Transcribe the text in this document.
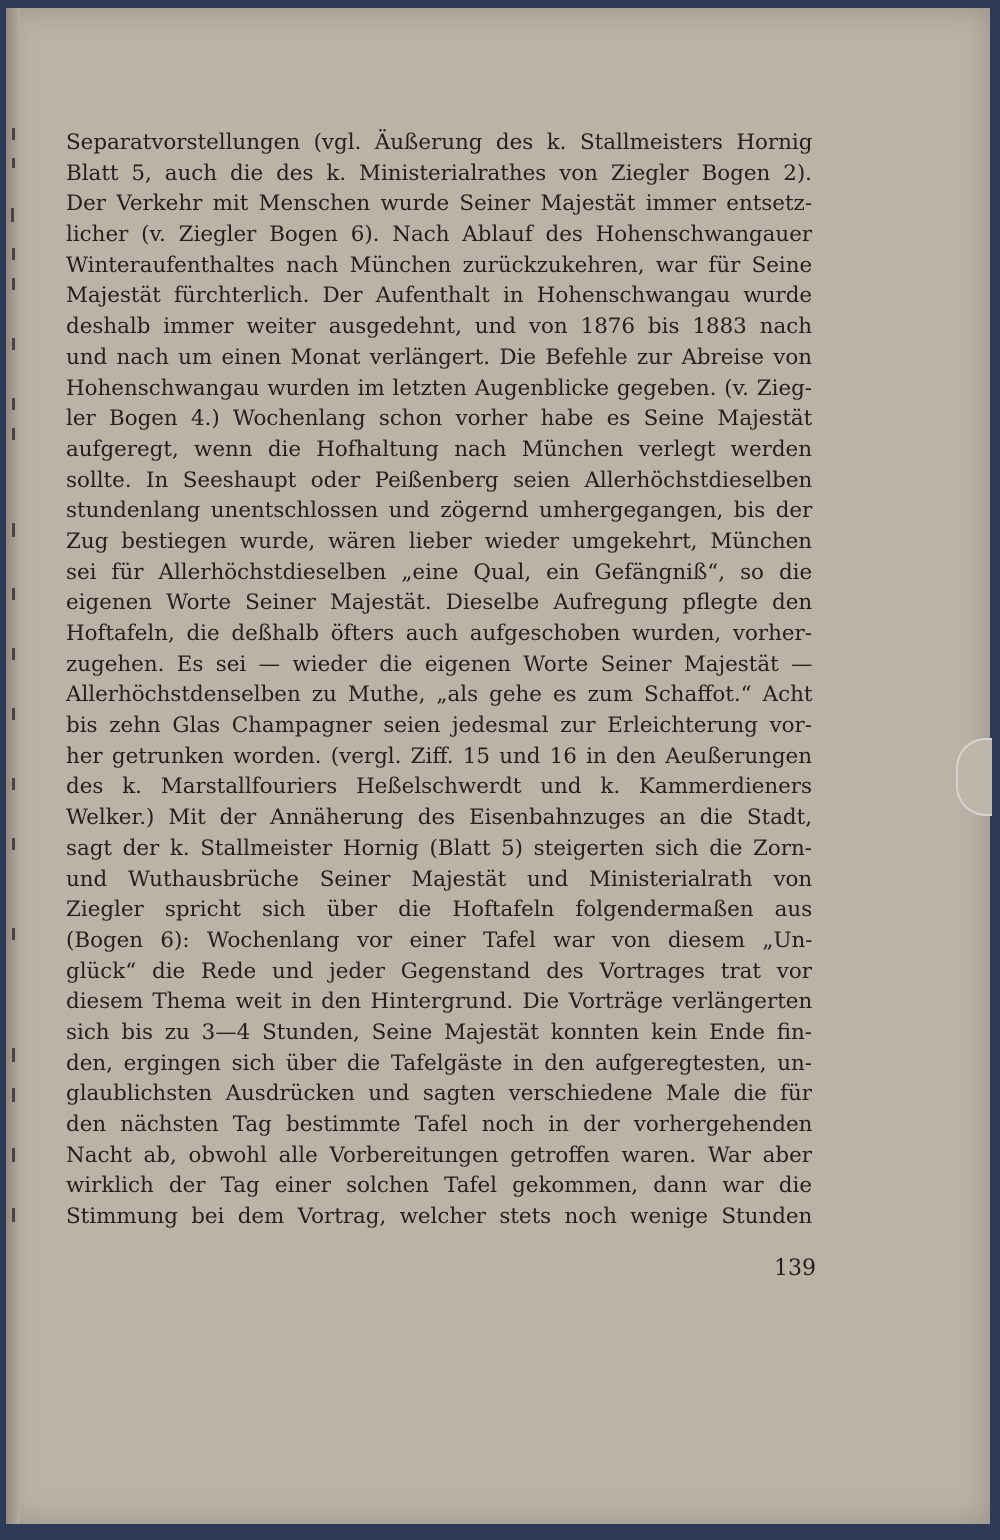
Separatvorstellungen (vgl. Äußerung des k. Stallmeisters Hornig
Blatt 5, auch die des k. Ministerialrathes von Ziegler Bogen 2).
Der Verkehr mit Menschen wurde Seiner Majestät immer entsetz-
licher (v. Ziegler Bogen 6). Nach Ablauf des Hohenschwangauer
Winteraufenthaltes nach München zurückzukehren, war für Seine
Majestät fürchterlich. Der Aufenthalt in Hohenschwangau wurde
deshalb immer weiter ausgedehnt, und von 1876 bis 1883 nach
und nach um einen Monat verlängert. Die Befehle zur Abreise von
Hohenschwangau wurden im letzten Augenblicke gegeben. (v. Zieg-
ler Bogen 4.) Wochenlang schon vorher habe es Seine Majestät
aufgeregt, wenn die Hofhaltung nach München verlegt werden
sollte. In Seeshaupt oder Peißenberg seien Allerhöchstdieselben
stundenlang unentschlossen und zögernd umhergegangen, bis der
Zug bestiegen wurde, wären lieber wieder umgekehrt, München
sei für Allerhöchstdieselben „eine Qual, ein Gefängniß“, so die
eigenen Worte Seiner Majestät. Dieselbe Aufregung pflegte den
Hoftafeln, die deßhalb öfters auch aufgeschoben wurden, vorher-
zugehen. Es sei — wieder die eigenen Worte Seiner Majestät —
Allerhöchstdenselben zu Muthe, „als gehe es zum Schaffot.“ Acht
bis zehn Glas Champagner seien jedesmal zur Erleichterung vor-
her getrunken worden. (vergl. Ziff. 15 und 16 in den Aeußerungen
des k. Marstallfouriers Heßelschwerdt und k. Kammerdieners
Welker.) Mit der Annäherung des Eisenbahnzuges an die Stadt,
sagt der k. Stallmeister Hornig (Blatt 5) steigerten sich die Zorn-
und Wuthausbrüche Seiner Majestät und Ministerialrath von
Ziegler spricht sich über die Hoftafeln folgendermaßen aus
(Bogen 6): Wochenlang vor einer Tafel war von diesem „Un-
glück“ die Rede und jeder Gegenstand des Vortrages trat vor
diesem Thema weit in den Hintergrund. Die Vorträge verlängerten
sich bis zu 3—4 Stunden, Seine Majestät konnten kein Ende fin-
den, ergingen sich über die Tafelgäste in den aufgeregtesten, un-
glaublichsten Ausdrücken und sagten verschiedene Male die für
den nächsten Tag bestimmte Tafel noch in der vorhergehenden
Nacht ab, obwohl alle Vorbereitungen getroffen waren. War aber
wirklich der Tag einer solchen Tafel gekommen, dann war die
Stimmung bei dem Vortrag, welcher stets noch wenige Stunden
139
